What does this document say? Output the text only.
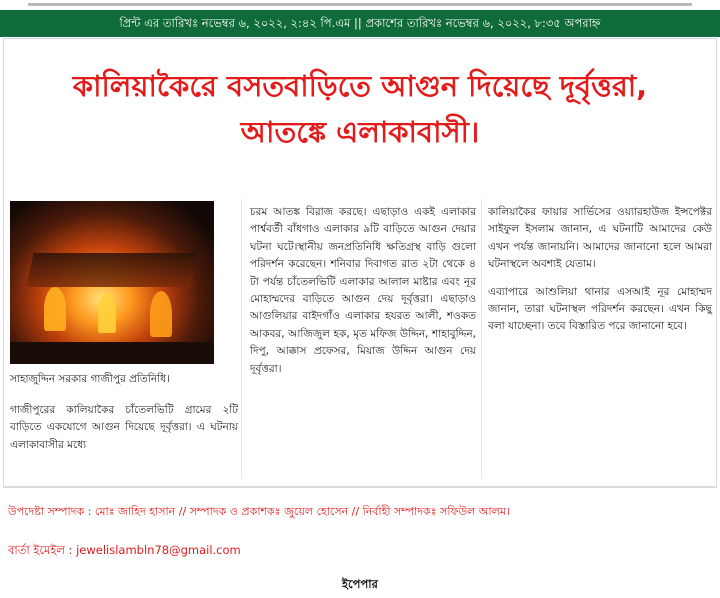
প্রিন্ট এর তারিখঃ নভেম্বর ৬, ২০২২, ২:৪২ পি.এম || প্রকাশের তারিখঃ নভেম্বর ৬, ২০২২, ৮:৩৫ অপরাহ্ন
কালিয়াকৈরে বসতবাড়িতে আগুন দিয়েছে দূর্বৃত্তরা,
আতঙ্কে এলাকাবাসী।
সাহাজুদ্দিন সরকার গাজীপুর প্রতিনিধি।

গাজীপুরের কালিয়াকৈর চাঁতেলভিটি গ্রামের ২টি বাড়িতে একযোগে আগুন দিয়েছে দূর্বৃত্তরা। এ ঘটনায় এলাকাবাসীর মধ্যে

চরম আতঙ্ক বিরাজ করছে। এছাড়াও একই এলাকার পার্শ্ববর্তী বাঁধগাও এলাকার ৯টি বাড়িতে আগুন দেয়ার ঘটনা ঘটে।স্থানীয় জনপ্রতিনিধি ক্ষতিগ্রস্থ বাড়ি গুলো পরিদর্শন করেছেন। শনিবার দিবাগত রাত ২টা থেকে ৪ টা পর্যন্ত চাঁতেলভিটি এলাকার আলাল মাষ্টার এবং নূর মোহাম্মদের বাড়িতে আগুন দেয় দূর্বৃত্তরা। এছাড়াও আগুলিয়ার বাইদগাঁও এলাকার হযরত আলী, শওকত আকবর, আজিজুল হক, মৃত মফিজ উদ্দিন, শাহাবুদ্দিন, দিপু, আক্কাস প্রফেসর, মিয়াজ উদ্দিন আগুন দেয় দূর্বৃত্তরা।

কালিয়াকৈর ফায়ার সার্ভিসের ওয়্যারহাউজ ইন্সপেক্টর সাইফুল ইসলাম জানান, এ ঘটনাটি আমাদের কেউ এখন পর্যন্ত জানায়নি। আমাদের জানানো হলে আমরা ঘটনাস্থলে অবশ্যই যেতাম।

এব্যাপারে আশুলিয়া থানার এসআই নূর মোহাম্মদ জানান, তারা ঘটনাস্থল পরিদর্শন করছেন। এখন কিছু বলা যাচ্ছেনা। তবে বিস্তারিত পরে জানানো হবে।

উপদেষ্টা সম্পাদক : মোঃ জাহিদ হাসান // সম্পাদক ও প্রকাশকঃ জুয়েল হোসেন // নির্বাহী সম্পাদকঃ সফিউল আলম।
বার্তা ইমেইল : jewelislambln78@gmail.com
ইপেপার
